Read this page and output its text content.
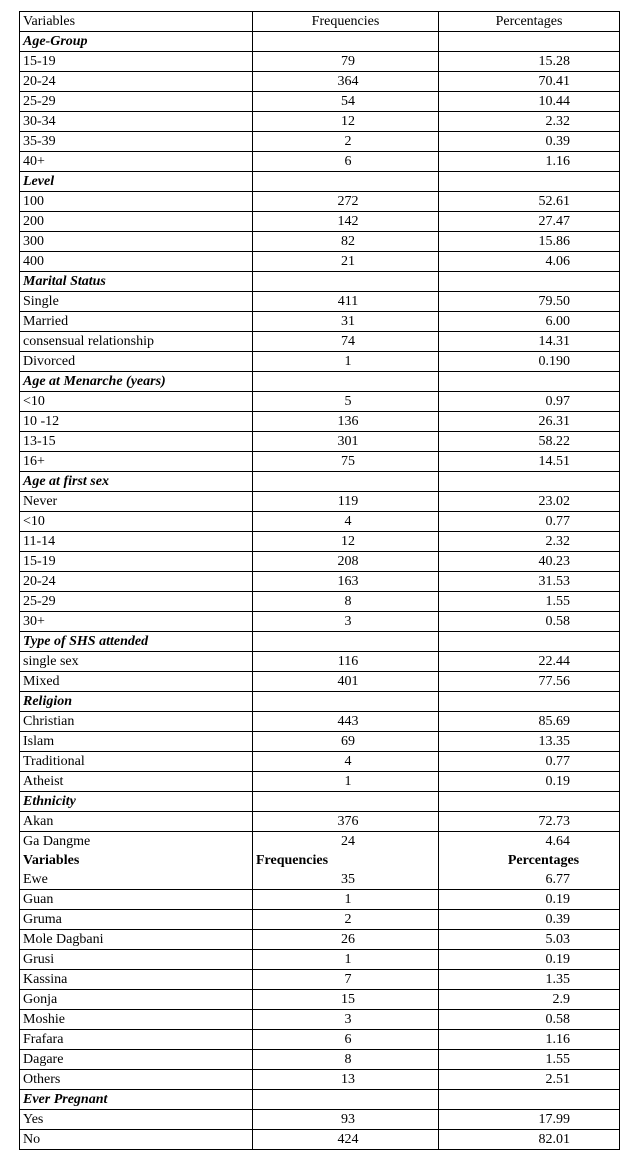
Variables	Frequencies	Percentages
Age-Group		
15-19	79	15.28
20-24	364	70.41
25-29	54	10.44
30-34	12	2.32
35-39	2	0.39
40+	6	1.16
Level		
100	272	52.61
200	142	27.47
300	82	15.86
400	21	4.06
Marital Status		
Single	411	79.50
Married	31	6.00
consensual relationship	74	14.31
Divorced	1	0.190
Age at Menarche (years)		
<10	5	0.97
10 -12	136	26.31
13-15	301	58.22
16+	75	14.51
Age at first sex		
Never	119	23.02
<10	4	0.77
11-14	12	2.32
15-19	208	40.23
20-24	163	31.53
25-29	8	1.55
30+	3	0.58
Type of SHS attended		
single sex	116	22.44
Mixed	401	77.56
Religion		
Christian	443	85.69
Islam	69	13.35
Traditional	4	0.77
Atheist	1	0.19
Ethnicity		
Akan	376	72.73
Ga Dangme	24	4.64
Variables	Frequencies	Percentages
Ewe	35	6.77
Guan	1	0.19
Gruma	2	0.39
Mole Dagbani	26	5.03
Grusi	1	0.19
Kassina	7	1.35
Gonja	15	2.9
Moshie	3	0.58
Frafara	6	1.16
Dagare	8	1.55
Others	13	2.51
Ever Pregnant		
Yes	93	17.99
No	424	82.01
